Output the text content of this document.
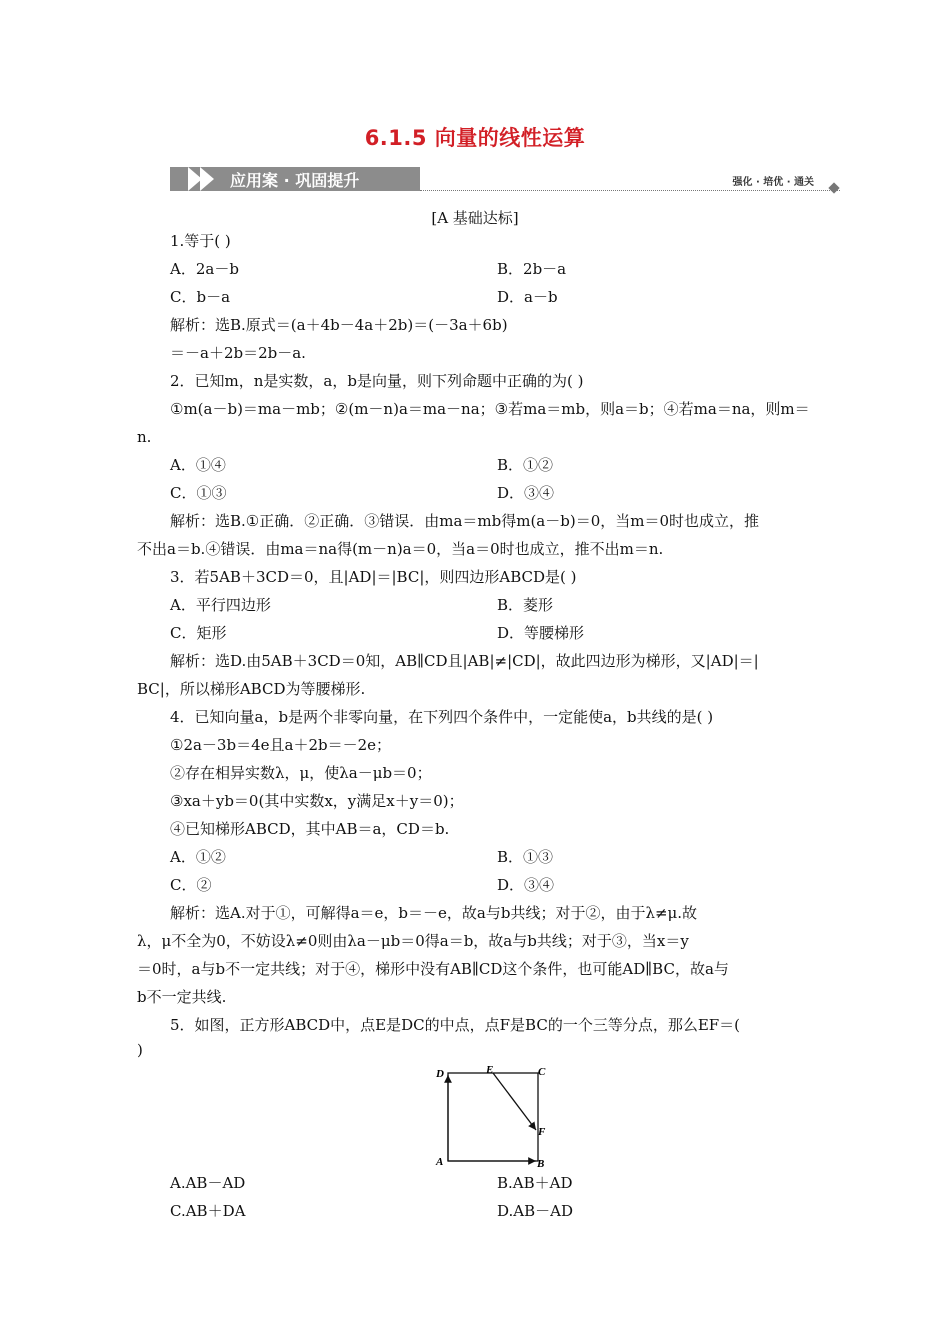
6.1.5 向量的线性运算
应用案 · 巩固提升	强化 · 培优 · 通关
[A 基础达标]
1.等于( )
A．2a－b	B．2b－a
C．b－a	D．a－b
解析：选B.原式＝(a＋4b－4a＋2b)＝(－3a＋6b)
＝－a＋2b＝2b－a.
2．已知m，n是实数，a，b是向量，则下列命题中正确的为( )
①m(a－b)＝ma－mb；②(m－n)a＝ma－na；③若ma＝mb，则a＝b；④若ma＝na，则m＝
n.
A．①④	B．①②
C．①③	D．③④
解析：选B.①正确．②正确．③错误．由ma＝mb得m(a－b)＝0，当m＝0时也成立，推
不出a＝b.④错误．由ma＝na得(m－n)a＝0，当a＝0时也成立，推不出m＝n.
3．若5AB＋3CD＝0，且|AD|＝|BC|，则四边形ABCD是( )
A．平行四边形	B．菱形
C．矩形	D．等腰梯形
解析：选D.由5AB＋3CD＝0知，AB∥CD且|AB|≠|CD|，故此四边形为梯形，又|AD|＝|
BC|，所以梯形ABCD为等腰梯形.
4．已知向量a，b是两个非零向量，在下列四个条件中，一定能使a，b共线的是( )
①2a－3b＝4e且a＋2b＝－2e；
②存在相异实数λ，μ，使λa－μb＝0；
③xa＋yb＝0(其中实数x，y满足x＋y＝0)；
④已知梯形ABCD，其中AB＝a，CD＝b.
A．①②	B．①③
C．②	D．③④
解析：选A.对于①，可解得a＝e，b＝－e，故a与b共线；对于②，由于λ≠μ.故
λ，μ不全为0，不妨设λ≠0则由λa－μb＝0得a＝b，故a与b共线；对于③，当x＝y
＝0时，a与b不一定共线；对于④，梯形中没有AB∥CD这个条件，也可能AD∥BC，故a与
b不一定共线.
5．如图，正方形ABCD中，点E是DC的中点，点F是BC的一个三等分点，那么EF＝(
)
D	E	C
F
A	B
A.AB－AD	B.AB＋AD
C.AB＋DA	D.AB－AD
